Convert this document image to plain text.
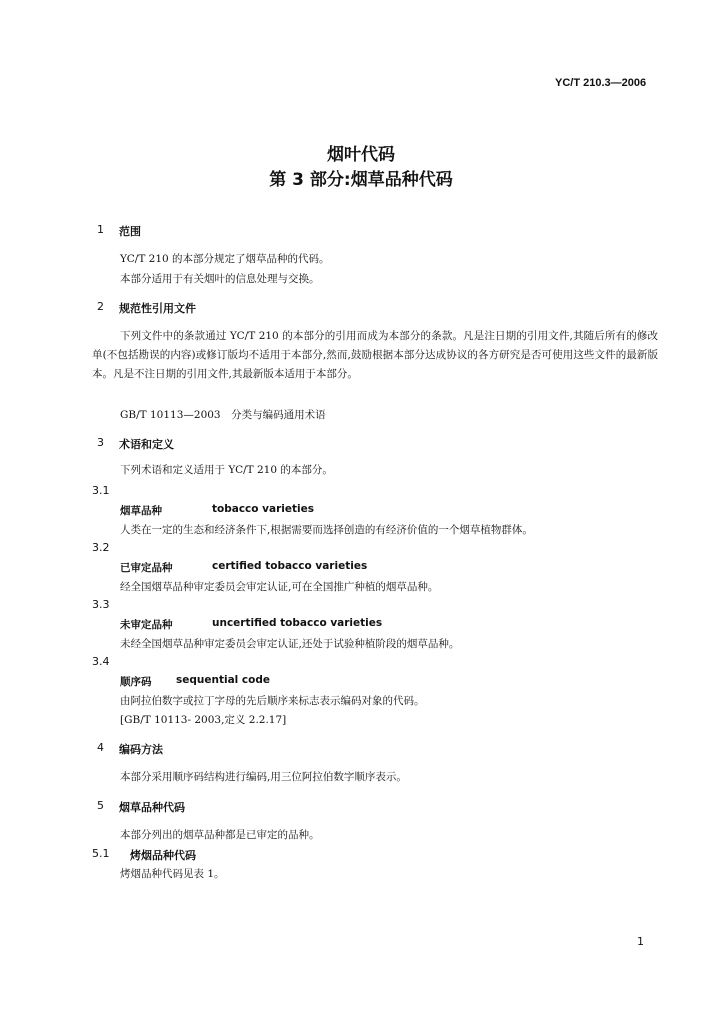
YC/T 210.3—2006
烟叶代码
第 3 部分:烟草品种代码
1 范围
YC/T 210 的本部分规定了烟草品种的代码。
本部分适用于有关烟叶的信息处理与交换。
2 规范性引用文件
下列文件中的条款通过 YC/T 210 的本部分的引用而成为本部分的条款。凡是注日期的引用文件,其随后所有的修改单(不包括勘误的内容)或修订版均不适用于本部分,然而,鼓励根据本部分达成协议的各方研究是否可使用这些文件的最新版本。凡是不注日期的引用文件,其最新版本适用于本部分。
GB/T 10113—2003　分类与编码通用术语
3 术语和定义
下列术语和定义适用于 YC/T 210 的本部分。
3.1
烟草品种	tobacco varieties
人类在一定的生态和经济条件下,根据需要而选择创造的有经济价值的一个烟草植物群体。
3.2
已审定品种	certified tobacco varieties
经全国烟草品种审定委员会审定认证,可在全国推广种植的烟草品种。
3.3
未审定品种	uncertified tobacco varieties
未经全国烟草品种审定委员会审定认证,还处于试验种植阶段的烟草品种。
3.4
顺序码 sequential code
由阿拉伯数字或拉丁字母的先后顺序来标志表示编码对象的代码。
[GB/T 10113- 2003,定义 2.2.17]
4 编码方法
本部分采用顺序码结构进行编码,用三位阿拉伯数字顺序表示。
5 烟草品种代码
本部分列出的烟草品种都是已审定的品种。
5.1 烤烟品种代码
烤烟品种代码见表 1。
1
